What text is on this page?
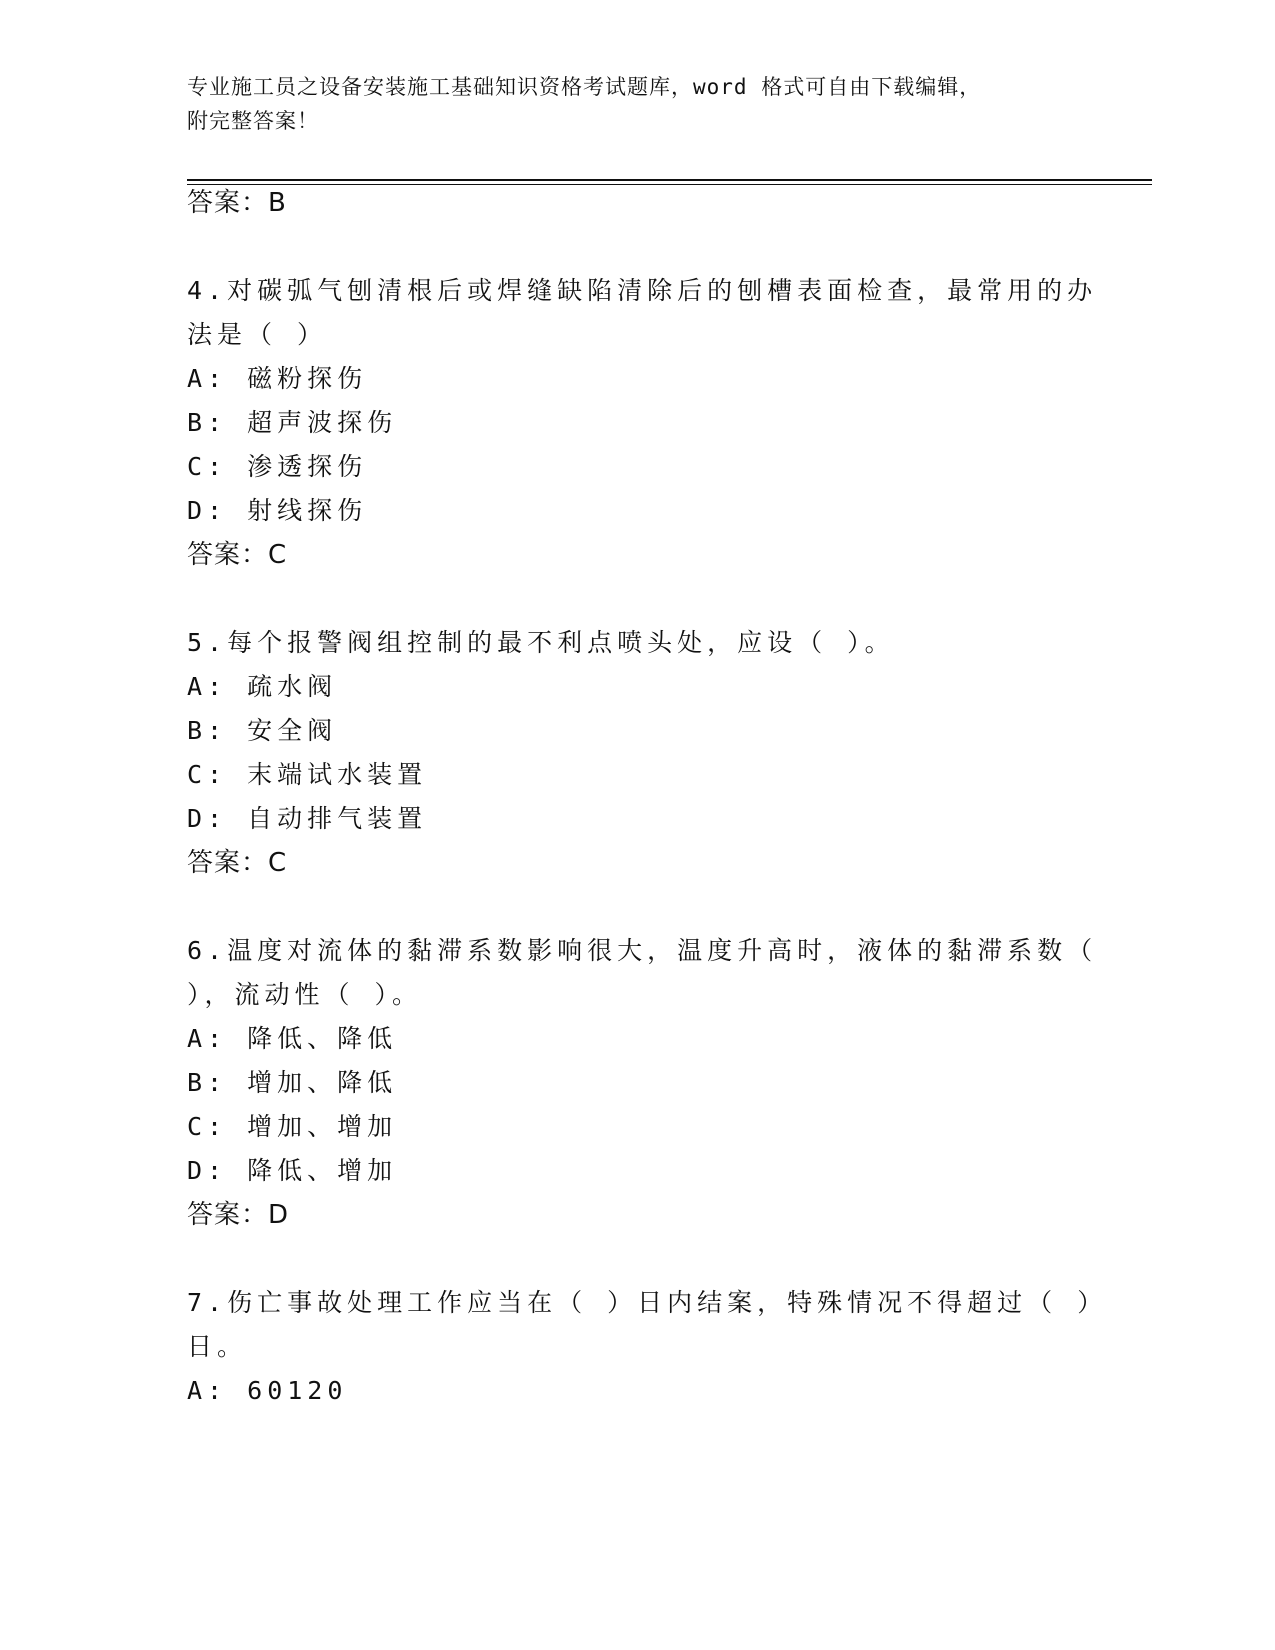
专业施工员之设备安装施工基础知识资格考试题库，word 格式可自由下载编辑，
附完整答案！
答案：B
4.对碳弧气刨清根后或焊缝缺陷清除后的刨槽表面检查，最常用的办
法是（ ）
A: 磁粉探伤
B: 超声波探伤
C: 渗透探伤
D: 射线探伤
答案：C
5.每个报警阀组控制的最不利点喷头处，应设（ ）。
A: 疏水阀
B: 安全阀
C: 末端试水装置
D: 自动排气装置
答案：C
6.温度对流体的黏滞系数影响很大，温度升高时，液体的黏滞系数（
），流动性（ ）。
A: 降低、降低
B: 增加、降低
C: 增加、增加
D: 降低、增加
答案：D
7.伤亡事故处理工作应当在（ ）日内结案，特殊情况不得超过（ ）
日。
A: 60120
